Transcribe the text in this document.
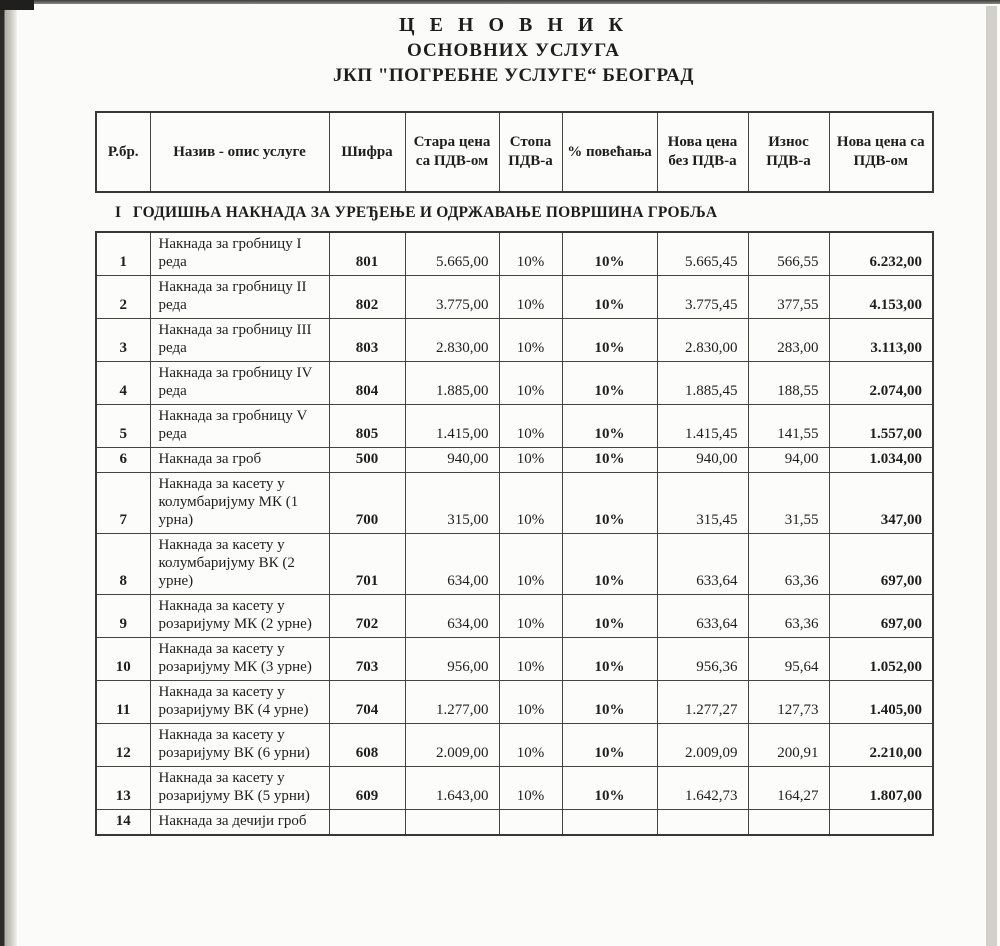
Ц Е Н О В Н И К
ОСНОВНИХ УСЛУГА
ЈКП "ПОГРЕБНЕ УСЛУГЕ“ БЕОГРАД
Р.бр.	Назив - опис услуге	Шифра	Стара цена са ПДВ-ом	Стопа ПДВ-а	% повећања	Нова цена без ПДВ-а	Износ ПДВ-а	Нова цена са ПДВ-ом
I ГОДИШЊА НАКНАДА ЗА УРЕЂЕЊЕ И ОДРЖАВАЊЕ ПОВРШИНА ГРОБЉА
1	Накнада за гробницу I реда	801	5.665,00	10%	10%	5.665,45	566,55	6.232,00
2	Накнада за гробницу II реда	802	3.775,00	10%	10%	3.775,45	377,55	4.153,00
3	Накнада за гробницу III реда	803	2.830,00	10%	10%	2.830,00	283,00	3.113,00
4	Накнада за гробницу IV реда	804	1.885,00	10%	10%	1.885,45	188,55	2.074,00
5	Накнада за гробницу V реда	805	1.415,00	10%	10%	1.415,45	141,55	1.557,00
6	Накнада за гроб	500	940,00	10%	10%	940,00	94,00	1.034,00
7	Накнада за касету у колумбаријуму МК (1 урна)	700	315,00	10%	10%	315,45	31,55	347,00
8	Накнада за касету у колумбаријуму ВК (2 урне)	701	634,00	10%	10%	633,64	63,36	697,00
9	Накнада за касету у розаријуму МК (2 урне)	702	634,00	10%	10%	633,64	63,36	697,00
10	Накнада за касету у розаријуму МК (3 урне)	703	956,00	10%	10%	956,36	95,64	1.052,00
11	Накнада за касету у розаријуму ВК (4 урне)	704	1.277,00	10%	10%	1.277,27	127,73	1.405,00
12	Накнада за касету у розаријуму ВК (6 урни)	608	2.009,00	10%	10%	2.009,09	200,91	2.210,00
13	Накнада за касету у розаријуму ВК (5 урни)	609	1.643,00	10%	10%	1.642,73	164,27	1.807,00
14	Накнада за дечији гроб							
